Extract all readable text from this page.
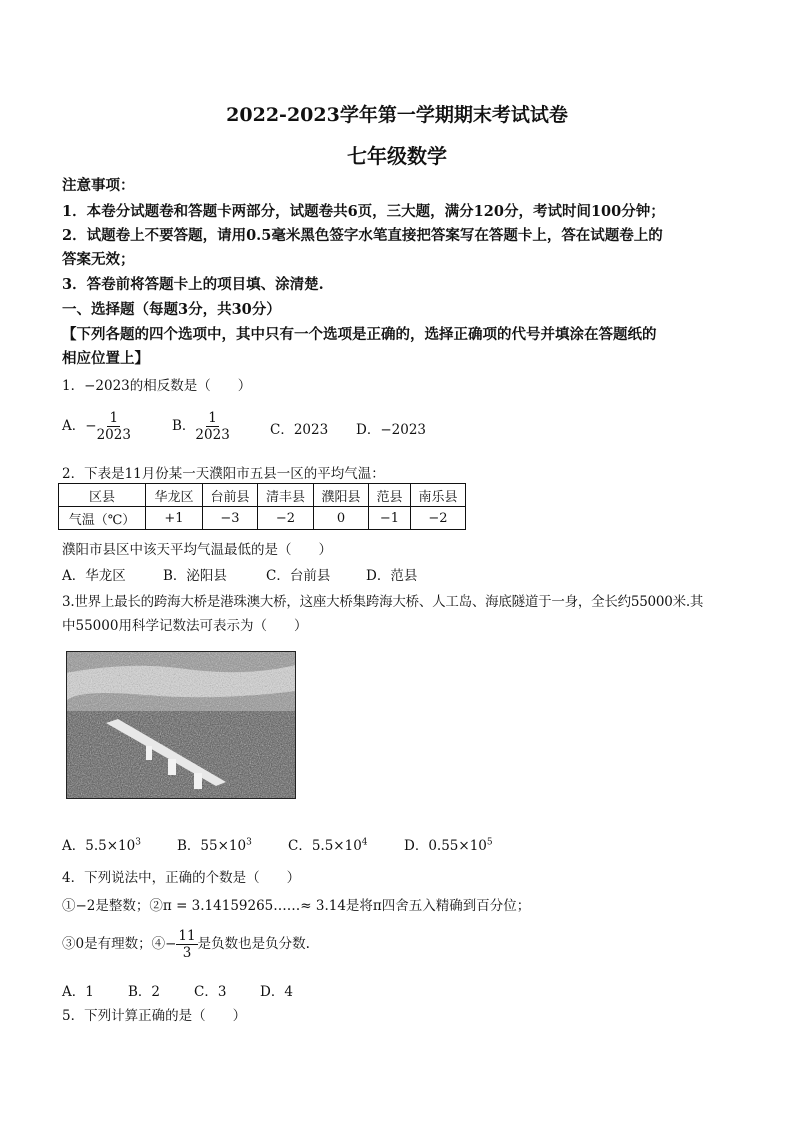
2022-2023学年第一学期期末考试试卷
七年级数学
注意事项：
1．本卷分试题卷和答题卡两部分，试题卷共6页，三大题，满分120分，考试时间100分钟；
2．试题卷上不要答题，请用0.5毫米黑色签字水笔直接把答案写在答题卡上，答在试题卷上的
答案无效；
3．答卷前将答题卡上的项目填、涂清楚.
一、选择题（每题3分，共30分）
【下列各题的四个选项中，其中只有一个选项是正确的，选择正确项的代号并填涂在答题纸的
相应位置上】
1．−2023的相反数是（　　）
A．− $\frac{1}{2023}$	B． $\frac{1}{2023}$	C．2023 D．−2023
2．下表是11月份某一天濮阳市五县一区的平均气温：
区县	华龙区	台前县	清丰县	濮阳县	范县	南乐县
气温（℃）	+1	−3	−2	0	−1	−2
濮阳市县区中该天平均气温最低的是（　　）
A．华龙区	B．泌阳县	C．台前县	D．范县
3.世界上最长的跨海大桥是港珠澳大桥，这座大桥集跨海大桥、人工岛、海底隧道于一身，全长约55000米.其
中55000用科学记数法可表示为（　　）
A．$5.5\times 10^3$	B．$55\times 10^3$	C．$5.5\times 10^4$	D．$0.55\times 10^5$
4．下列说法中，正确的个数是（　　）
①−2是整数；②π = 3.14159265……≈ 3.14是将π四舍五入精确到百分位；
③0是有理数；④− $\frac{11}{3}$ 是负数也是负分数.
A．1	B．2	C．3 D．4
5．下列计算正确的是（　　）
